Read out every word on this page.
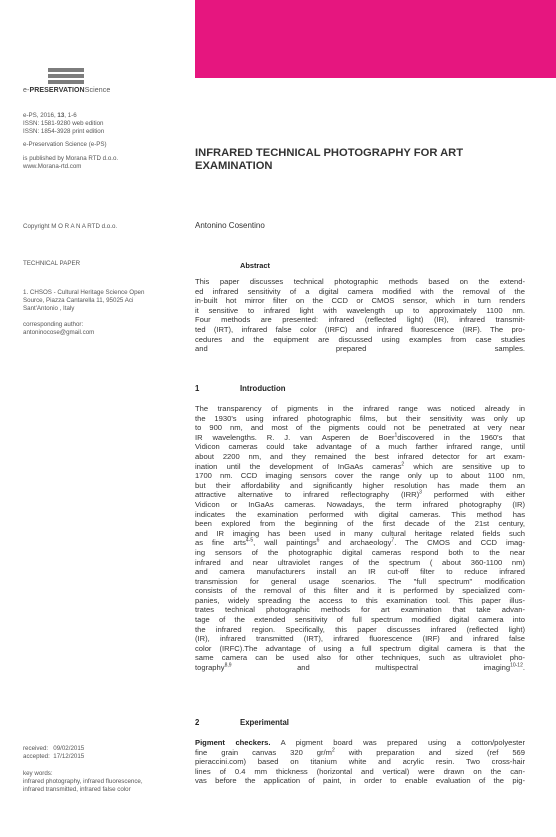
e-PRESERVATIONScience
e-PS, 2016, 13, 1-6
ISSN: 1581-9280 web edition
ISSN: 1854-3928 print edition
e-Preservation Science (e-PS)
is published by Morana RTD d.o.o.
www.Morana-rtd.com
Copyright M O R A N A RTD d.o.o.
TECHNICAL PAPER
1. CHSOS - Cultural Heritage Science Open
Source, Piazza Cantarella 11, 95025 Aci
Sant'Antonio , Italy
corresponding author:
antoninocose@gmail.com
received:   09/02/2015
accepted:  17/12/2015
key words:
infrared photography, infrared fluorescence,
infrared transmitted, infrared false color
INFRARED TECHNICAL PHOTOGRAPHY FOR ART
EXAMINATION
Antonino Cosentino
Abstract
This paper discusses technical photographic methods based on the extend-
ed infrared sensitivity of a digital camera modified with the removal of the
in-built hot mirror filter on the CCD or CMOS sensor, which in turn renders
it sensitive to infrared light with wavelength up to approximately 1100 nm.
Four methods are presented: infrared (reflected light) (IR), infrared transmit-
ted (IRT), infrared false color (IRFC) and infrared fluorescence (IRF). The pro-
cedures and the equipment are discussed using examples from case studies
and prepared samples.
1	Introduction
The transparency of pigments in the infrared range was noticed already in
the 1930's using infrared photographic films, but their sensitivity was only up
to 900 nm, and most of the pigments could not be penetrated at very near
IR wavelengths. R. J. van Asperen de Boer$^1$discovered in the 1960's that
Vidicon cameras could take advantage of a much farther infrared range, until
about 2200 nm, and they remained the best infrared detector for art exam-
ination until the development of InGaAs cameras$^2$ which are sensitive up to
1700 nm. CCD imaging sensors cover the range only up to about 1100 nm,
but their affordability and significantly higher resolution has made them an
attractive alternative to infrared reflectography (IRR)$^3$ performed with either
Vidicon or InGaAs cameras. Nowadays, the term infrared photography (IR)
indicates the examination performed with digital cameras. This method has
been explored from the beginning of the first decade of the 21st century,
and IR imaging has been used in many cultural heritage related fields such
as fine arts$^{4-5}$, wall paintings$^6$ and archaeology$^7$. The CMOS and CCD imag-
ing sensors of the photographic digital cameras respond both to the near
infrared and near ultraviolet ranges of the spectrum ( about 360-1100 nm)
and camera manufacturers install an IR cut-off filter to reduce infrared
transmission for general usage scenarios. The "full spectrum" modification
consists of the removal of this filter and it is performed by specialized com-
panies, widely spreading the access to this examination tool. This paper illus-
trates technical photographic methods for art examination that take advan-
tage of the extended sensitivity of full spectrum modified digital camera into
the infrared region. Specifically, this paper discusses infrared (reflected light)
(IR), infrared transmitted (IRT), infrared fluorescence (IRF) and infrared false
color (IRFC).The advantage of using a full spectrum digital camera is that the
same camera can be used also for other techniques, such as ultraviolet pho-
tography$^{8,9}$ and multispectral imaging$^{10-12}$.
2	Experimental
Pigment checkers. A pigment board was prepared using a cotton/polyester
fine grain canvas 320 $gr/m^2$ with preparation and sized (ref 569
pieraccini.com) based on titanium white and acrylic resin. Two cross-hair
lines of 0.4 mm thickness (horizontal and vertical) were drawn on the can-
vas before the application of paint, in order to enable evaluation of the pig-
